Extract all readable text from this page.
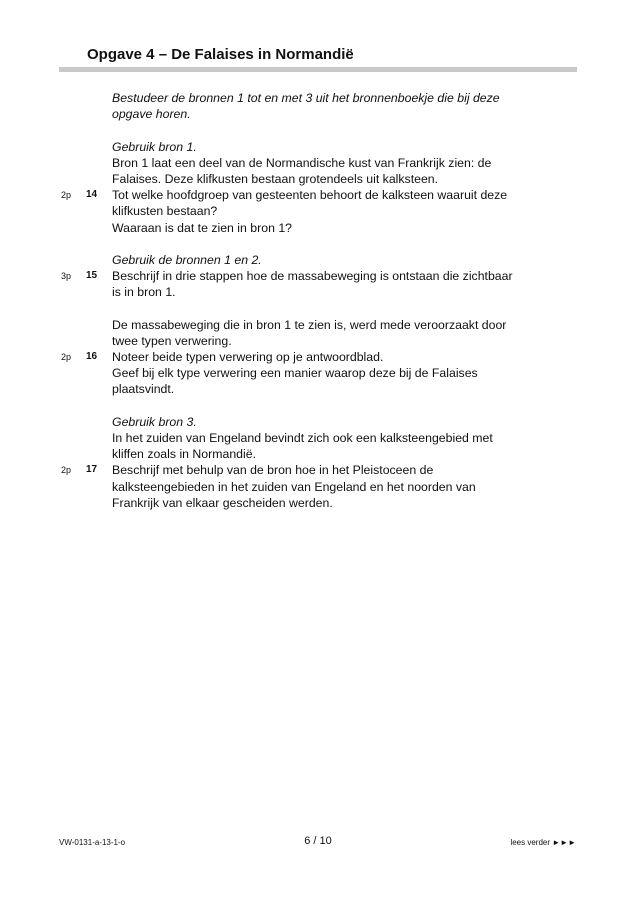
Opgave 4 – De Falaises in Normandië
Bestudeer de bronnen 1 tot en met 3 uit het bronnenboekje die bij deze
opgave horen.
Gebruik bron 1.
Bron 1 laat een deel van de Normandische kust van Frankrijk zien: de
Falaises. Deze klifkusten bestaan grotendeels uit kalksteen.
2p 14 Tot welke hoofdgroep van gesteenten behoort de kalksteen waaruit deze
klifkusten bestaan?
Waaraan is dat te zien in bron 1?
Gebruik de bronnen 1 en 2.
3p 15 Beschrijf in drie stappen hoe de massabeweging is ontstaan die zichtbaar
is in bron 1.
De massabeweging die in bron 1 te zien is, werd mede veroorzaakt door
twee typen verwering.
2p 16 Noteer beide typen verwering op je antwoordblad.
Geef bij elk type verwering een manier waarop deze bij de Falaises
plaatsvindt.
Gebruik bron 3.
In het zuiden van Engeland bevindt zich ook een kalksteengebied met
kliffen zoals in Normandië.
2p 17 Beschrijf met behulp van de bron hoe in het Pleistoceen de
kalksteengebieden in het zuiden van Engeland en het noorden van
Frankrijk van elkaar gescheiden werden.
VW-0131-a-13-1-o	6 / 10	lees verder ►►►
